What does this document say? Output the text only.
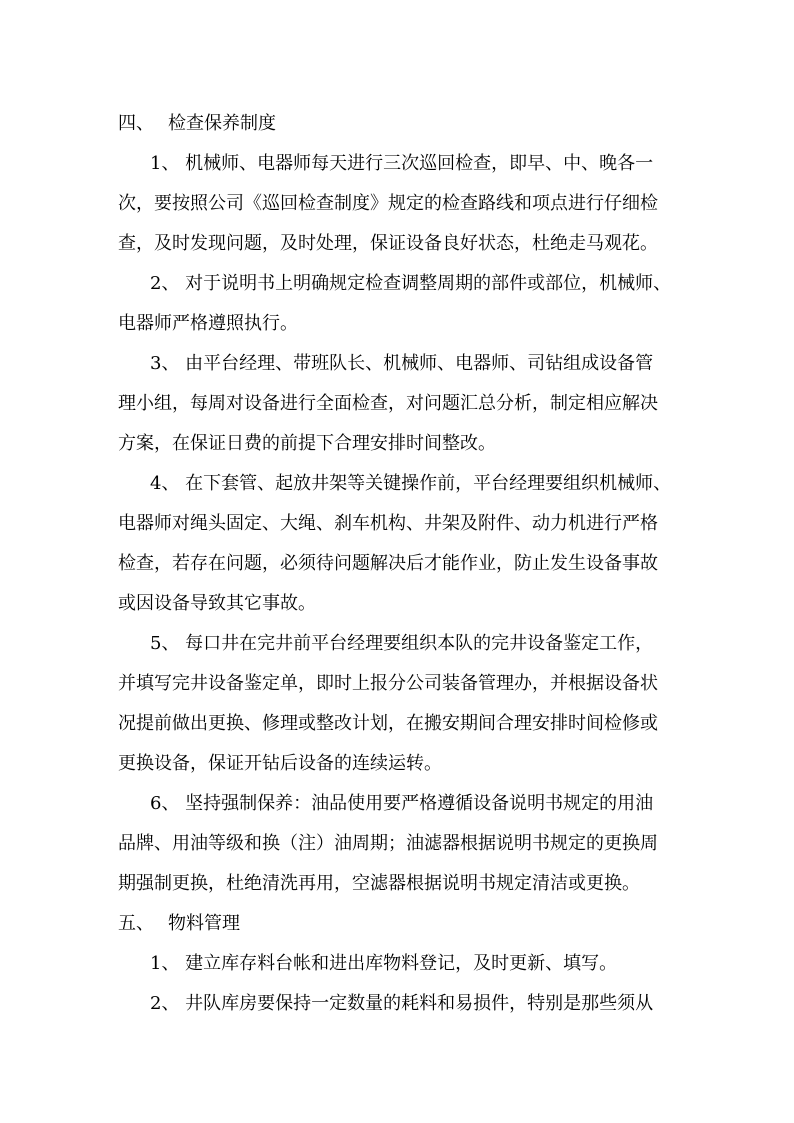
四、 检查保养制度
1、 机械师、电器师每天进行三次巡回检查，即早、中、晚各一
次，要按照公司《巡回检查制度》规定的检查路线和项点进行仔细检
查，及时发现问题，及时处理，保证设备良好状态，杜绝走马观花。
2、 对于说明书上明确规定检查调整周期的部件或部位，机械师、
电器师严格遵照执行。
3、 由平台经理、带班队长、机械师、电器师、司钻组成设备管
理小组，每周对设备进行全面检查，对问题汇总分析，制定相应解决
方案，在保证日费的前提下合理安排时间整改。
4、 在下套管、起放井架等关键操作前，平台经理要组织机械师、
电器师对绳头固定、大绳、刹车机构、井架及附件、动力机进行严格
检查，若存在问题，必须待问题解决后才能作业，防止发生设备事故
或因设备导致其它事故。
5、 每口井在完井前平台经理要组织本队的完井设备鉴定工作，
并填写完井设备鉴定单，即时上报分公司装备管理办，并根据设备状
况提前做出更换、修理或整改计划，在搬安期间合理安排时间检修或
更换设备，保证开钻后设备的连续运转。
6、 坚持强制保养：油品使用要严格遵循设备说明书规定的用油
品牌、用油等级和换（注）油周期；油滤器根据说明书规定的更换周
期强制更换，杜绝清洗再用，空滤器根据说明书规定清洁或更换。
五、 物料管理
1、 建立库存料台帐和进出库物料登记，及时更新、填写。
2、 井队库房要保持一定数量的耗料和易损件，特别是那些须从
